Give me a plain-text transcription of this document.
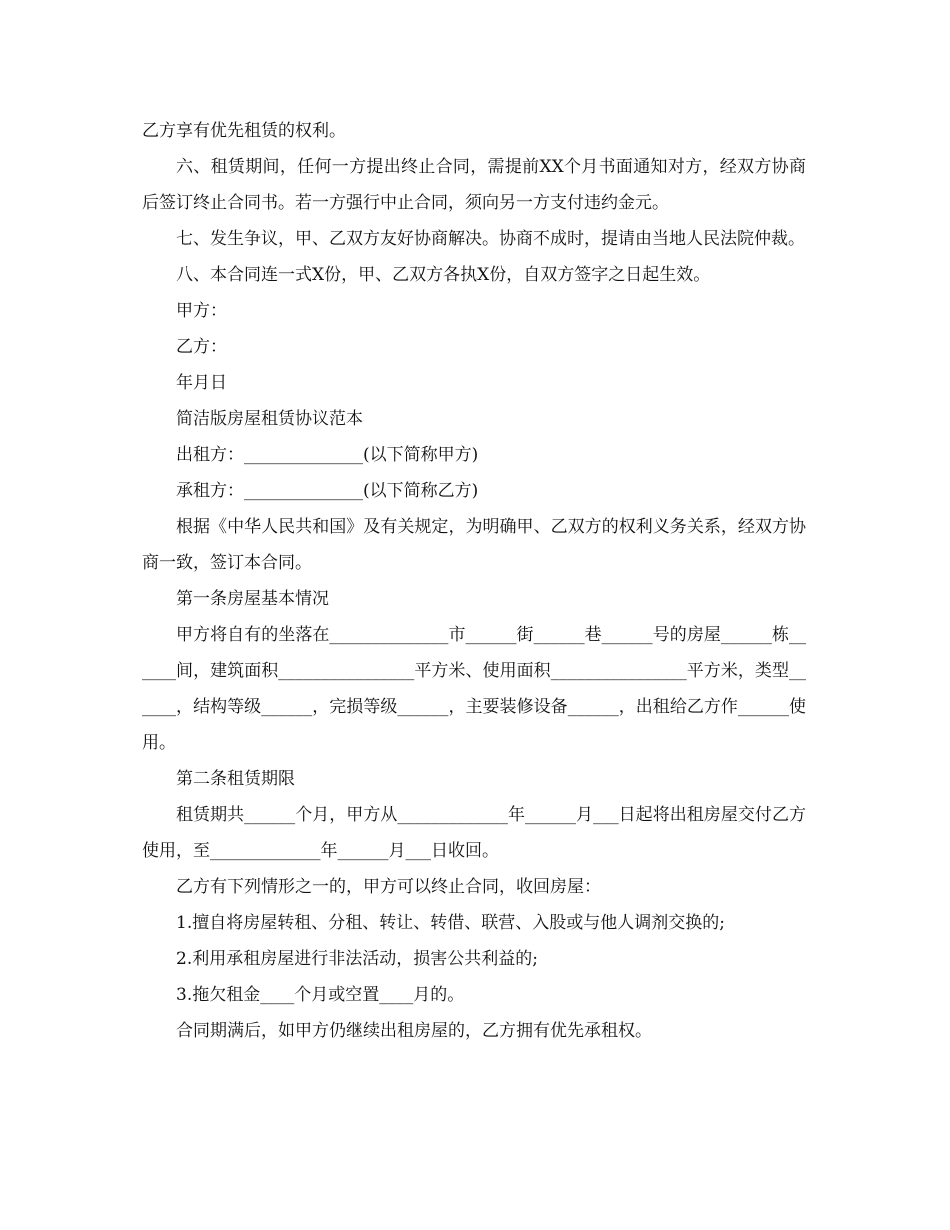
乙方享有优先租赁的权利。

六、租赁期间，任何一方提出终止合同，需提前XX个月书面通知对方，经双方协商后签订终止合同书。若一方强行中止合同，须向另一方支付违约金元。

七、发生争议，甲、乙双方友好协商解决。协商不成时，提请由当地人民法院仲裁。

八、本合同连一式X份，甲、乙双方各执X份，自双方签字之日起生效。

甲方：

乙方：

年月日

简洁版房屋租赁协议范本

出租方：______________(以下简称甲方)

承租方：______________(以下简称乙方)

根据《中华人民共和国》及有关规定，为明确甲、乙双方的权利义务关系，经双方协商一致，签订本合同。

第一条房屋基本情况

甲方将自有的坐落在______________市______街______巷______号的房屋______栋______间，建筑面积________________平方米、使用面积________________平方米，类型______，结构等级______，完损等级______，主要装修设备______，出租给乙方作______使用。

第二条租赁期限

租赁期共______个月，甲方从_____________年______月___日起将出租房屋交付乙方使用，至_____________年______月___日收回。

乙方有下列情形之一的，甲方可以终止合同，收回房屋：

1.擅自将房屋转租、分租、转让、转借、联营、入股或与他人调剂交换的;

2.利用承租房屋进行非法活动，损害公共利益的;

3.拖欠租金____个月或空置____月的。

合同期满后，如甲方仍继续出租房屋的，乙方拥有优先承租权。
